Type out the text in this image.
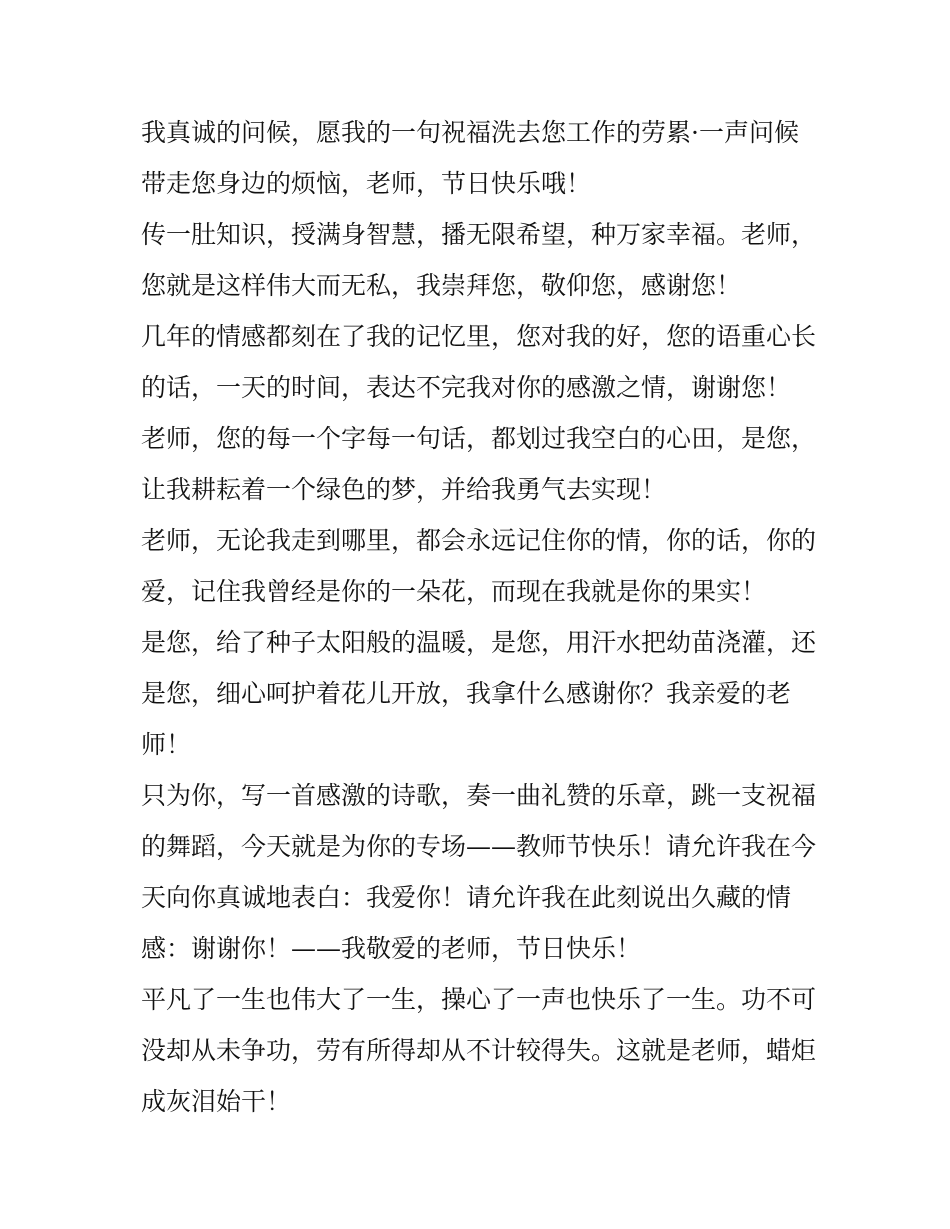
我真诚的问候，愿我的一句祝福洗去您工作的劳累·一声问候
带走您身边的烦恼，老师，节日快乐哦！
传一肚知识，授满身智慧，播无限希望，种万家幸福。老师，
您就是这样伟大而无私，我崇拜您，敬仰您，感谢您！
几年的情感都刻在了我的记忆里，您对我的好，您的语重心长
的话，一天的时间，表达不完我对你的感激之情，谢谢您！
老师，您的每一个字每一句话，都划过我空白的心田，是您，
让我耕耘着一个绿色的梦，并给我勇气去实现！
老师，无论我走到哪里，都会永远记住你的情，你的话，你的
爱，记住我曾经是你的一朵花，而现在我就是你的果实！
是您，给了种子太阳般的温暖，是您，用汗水把幼苗浇灌，还
是您，细心呵护着花儿开放，我拿什么感谢你？我亲爱的老
师！
只为你，写一首感激的诗歌，奏一曲礼赞的乐章，跳一支祝福
的舞蹈，今天就是为你的专场——教师节快乐！请允许我在今
天向你真诚地表白：我爱你！请允许我在此刻说出久藏的情
感：谢谢你！——我敬爱的老师，节日快乐！
平凡了一生也伟大了一生，操心了一声也快乐了一生。功不可
没却从未争功，劳有所得却从不计较得失。这就是老师，蜡炬
成灰泪始干！
